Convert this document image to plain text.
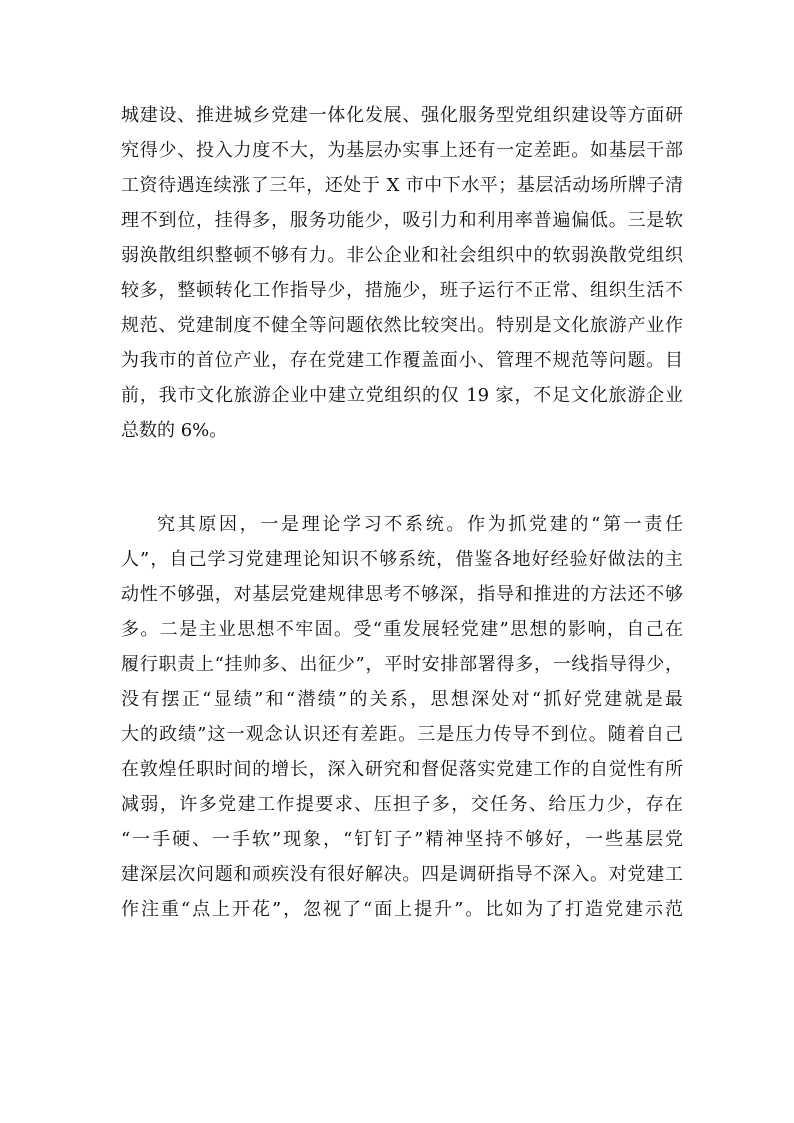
城建设、推进城乡党建一体化发展、强化服务型党组织建设等方面研
究得少、投入力度不大，为基层办实事上还有一定差距。如基层干部
工资待遇连续涨了三年，还处于 X 市中下水平；基层活动场所牌子清
理不到位，挂得多，服务功能少，吸引力和利用率普遍偏低。三是软
弱涣散组织整顿不够有力。非公企业和社会组织中的软弱涣散党组织
较多，整顿转化工作指导少，措施少，班子运行不正常、组织生活不
规范、党建制度不健全等问题依然比较突出。特别是文化旅游产业作
为我市的首位产业，存在党建工作覆盖面小、管理不规范等问题。目
前，我市文化旅游企业中建立党组织的仅 19 家，不足文化旅游企业
总数的 6%。
究其原因，一是理论学习不系统。作为抓党建的“第一责任
人”，自己学习党建理论知识不够系统，借鉴各地好经验好做法的主
动性不够强，对基层党建规律思考不够深，指导和推进的方法还不够
多。二是主业思想不牢固。受“重发展轻党建”思想的影响，自己在
履行职责上“挂帅多、出征少”，平时安排部署得多，一线指导得少，
没有摆正“显绩”和“潜绩”的关系，思想深处对“抓好党建就是最
大的政绩”这一观念认识还有差距。三是压力传导不到位。随着自己
在敦煌任职时间的增长，深入研究和督促落实党建工作的自觉性有所
减弱，许多党建工作提要求、压担子多，交任务、给压力少，存在
“一手硬、一手软”现象，“钉钉子”精神坚持不够好，一些基层党
建深层次问题和顽疾没有很好解决。四是调研指导不深入。对党建工
作注重“点上开花”，忽视了“面上提升”。比如为了打造党建示范
